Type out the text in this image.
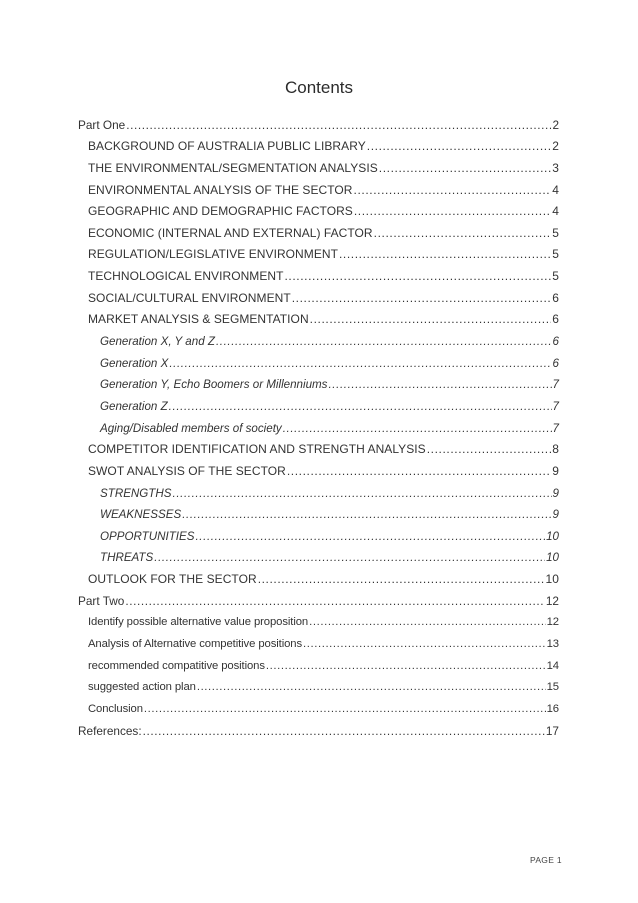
Contents
Part One .....	2
BACKGROUND OF AUSTRALIA PUBLIC LIBRARY .....	2
THE ENVIRONMENTAL/SEGMENTATION ANALYSIS .....	3
ENVIRONMENTAL ANALYSIS OF THE SECTOR .....	4
GEOGRAPHIC AND DEMOGRAPHIC FACTORS .....	4
ECONOMIC (INTERNAL AND EXTERNAL) FACTOR .....	5
REGULATION/LEGISLATIVE ENVIRONMENT .....	5
TECHNOLOGICAL ENVIRONMENT .....	5
SOCIAL/CULTURAL ENVIRONMENT .....	6
MARKET ANALYSIS & SEGMENTATION .....	6
Generation X, Y and Z .....	6
Generation X .....	6
Generation Y, Echo Boomers or Millenniums .....	7
Generation Z .....	7
Aging/Disabled members of society .....	7
COMPETITOR IDENTIFICATION AND STRENGTH ANALYSIS .....	8
SWOT ANALYSIS OF THE SECTOR .....	9
STRENGTHS .....	9
WEAKNESSES .....	9
OPPORTUNITIES .....	10
THREATS .....	10
OUTLOOK FOR THE SECTOR .....	10
Part Two .....	12
Identify possible alternative value proposition .....	12
Analysis of Alternative competitive positions .....	13
recommended compatitive positions .....	14
suggested action plan .....	15
Conclusion .....	16
References: .....	17
PAGE 1
